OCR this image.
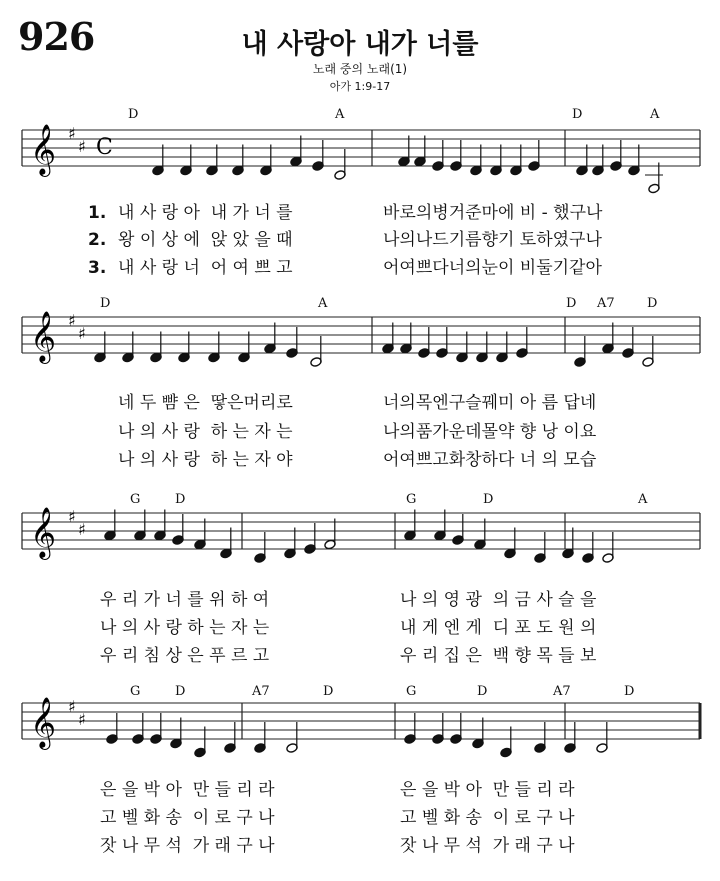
926	내 사랑아 내가 너를
노래 중의 노래(1)
아가 1:9-17
D	A	D	A
1. 내 사 랑 아  내 가 너 를	바로의병거준마에 비 - 했구나
2. 왕 이 상 에  앉 았 을 때	나의나드기름향기 토하였구나
3. 내 사 랑 너  어 여 쁘 고	어여쁘다너의눈이 비둘기같아
D	A	D A7 D
네 두 뺨 은  땋은머리로	너의목엔구슬꿰미 아 름 답네
나 의 사 랑  하 는 자 는	나의품가운데몰약 향 낭 이요
나 의 사 랑  하 는 자 야	어여쁘고화창하다 너 의 모습
G	D	G	D	A
우 리 가 너 를 위 하 여	나 의 영 광  의 금 사 슬 을
나 의 사 랑 하 는 자 는	내 게 엔 게  디 포 도 원 의
우 리 침 상 은 푸 르 고	우 리 집 은  백 향 목 들 보
G	D	A7	D	G	D	A7	D
은 을 박 아  만 들 리 라	은 을 박 아  만 들 리 라
고 벨 화 송  이 로 구 나	고 벨 화 송  이 로 구 나
잣 나 무 석  가 래 구 나	잣 나 무 석  가 래 구 나
𝄞 ♯
♯ C
𝄞 ♯
♯
𝄞 ♯
♯
𝄞 ♯
♯
